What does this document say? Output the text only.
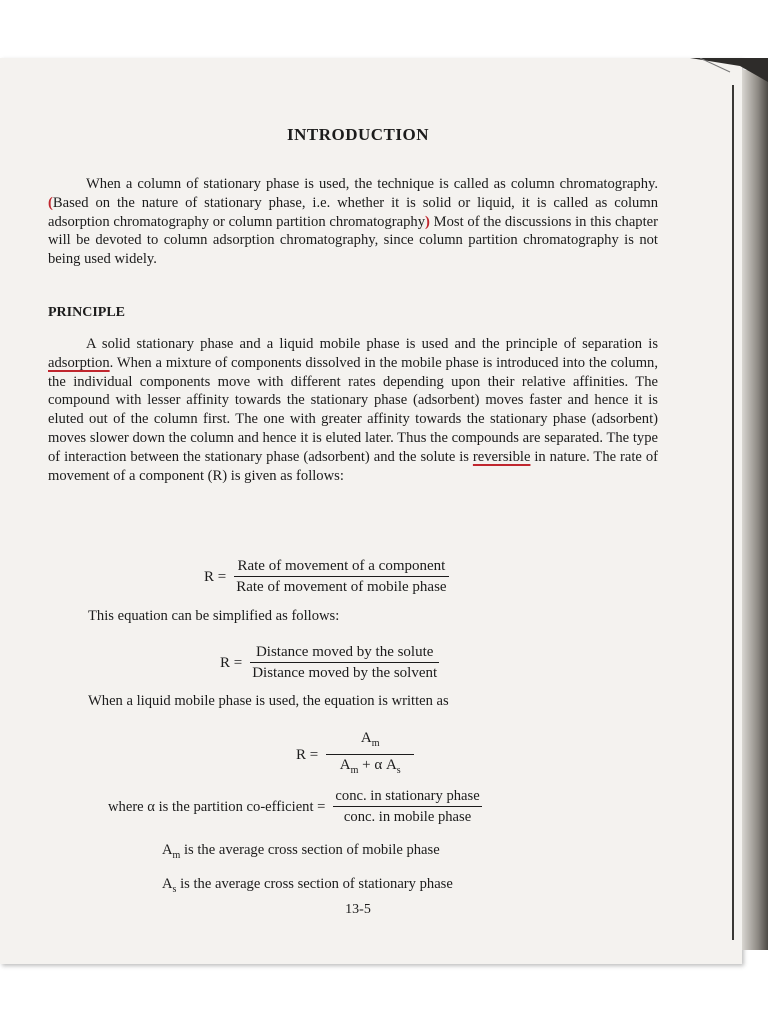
INTRODUCTION
When a column of stationary phase is used, the technique is called as column chromatography. (Based on the nature of stationary phase, i.e. whether it is solid or liquid, it is called as column adsorption chromatography or column partition chromatography) Most of the discussions in this chapter will be devoted to column adsorption chromatography, since column partition chromatography is not being used widely.
PRINCIPLE
A solid stationary phase and a liquid mobile phase is used and the principle of separation is adsorption. When a mixture of components dissolved in the mobile phase is introduced into the column, the individual components move with different rates depending upon their relative affinities. The compound with lesser affinity towards the stationary phase (adsorbent) moves faster and hence it is eluted out of the column first. The one with greater affinity towards the stationary phase (adsorbent) moves slower down the column and hence it is eluted later. Thus the compounds are separated. The type of interaction between the stationary phase (adsorbent) and the solute is reversible in nature. The rate of movement of a component (R) is given as follows:
$R = \frac{\text{Rate of movement of a component}}{\text{Rate of movement of mobile phase}}$
This equation can be simplified as follows:
$R = \frac{\text{Distance moved by the solute}}{\text{Distance moved by the solvent}}$
When a liquid mobile phase is used, the equation is written as
$R = \frac{A_m}{A_m + \alpha A_s}$
where α is the partition co-efficient = $\frac{\text{conc. in stationary phase}}{\text{conc. in mobile phase}}$
$A_m$ is the average cross section of mobile phase
$A_s$ is the average cross section of stationary phase
13-5
